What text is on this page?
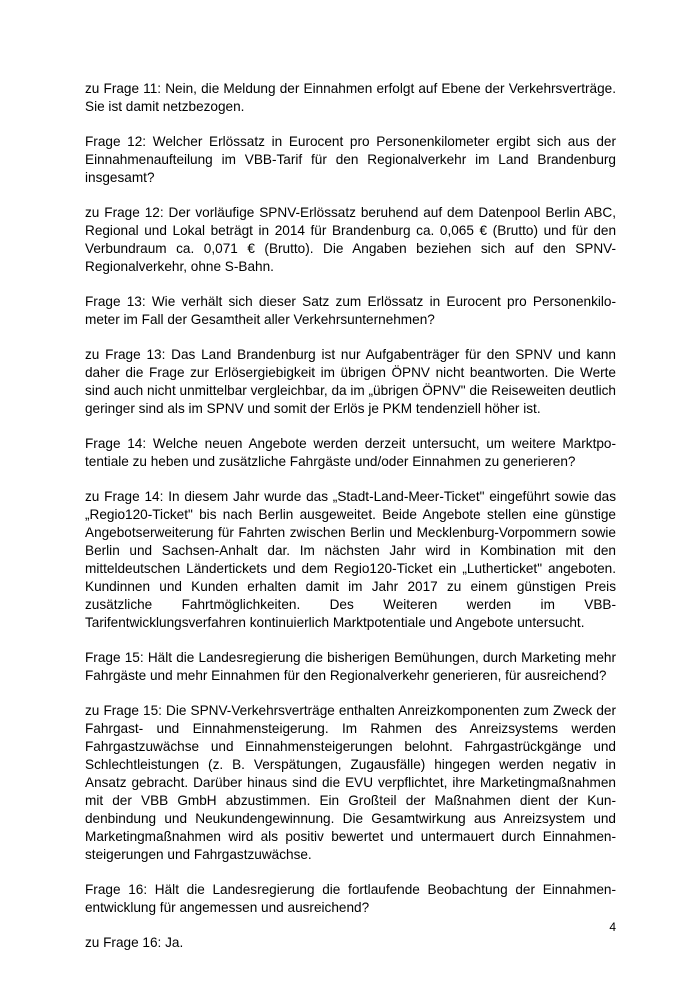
zu Frage 11: Nein, die Meldung der Einnahmen erfolgt auf Ebene der Verkehrsverträge. Sie ist damit netzbezogen.

Frage 12: Welcher Erlössatz in Eurocent pro Personenkilometer ergibt sich aus der Einnahmenaufteilung im VBB-Tarif für den Regionalverkehr im Land Brandenburg insgesamt?

zu Frage 12: Der vorläufige SPNV-Erlössatz beruhend auf dem Datenpool Berlin ABC, Regional und Lokal beträgt in 2014 für Brandenburg ca. 0,065 € (Brutto) und für den Verbundraum ca. 0,071 € (Brutto). Die Angaben beziehen sich auf den SPNV-Regionalverkehr, ohne S-Bahn.

Frage 13: Wie verhält sich dieser Satz zum Erlössatz in Eurocent pro Personenkilometer im Fall der Gesamtheit aller Verkehrsunternehmen?

zu Frage 13: Das Land Brandenburg ist nur Aufgabenträger für den SPNV und kann daher die Frage zur Erlösergiebigkeit im übrigen ÖPNV nicht beantworten. Die Werte sind auch nicht unmittelbar vergleichbar, da im „übrigen ÖPNV" die Reiseweiten deutlich geringer sind als im SPNV und somit der Erlös je PKM tendenziell höher ist.

Frage 14: Welche neuen Angebote werden derzeit untersucht, um weitere Marktpotentiale zu heben und zusätzliche Fahrgäste und/oder Einnahmen zu generieren?

zu Frage 14: In diesem Jahr wurde das „Stadt-Land-Meer-Ticket" eingeführt sowie das „Regio120-Ticket" bis nach Berlin ausgeweitet. Beide Angebote stellen eine günstige Angebotserweiterung für Fahrten zwischen Berlin und Mecklenburg-Vorpommern sowie Berlin und Sachsen-Anhalt dar. Im nächsten Jahr wird in Kombination mit den mitteldeutschen Ländertickets und dem Regio120-Ticket ein „Lutherticket" angeboten. Kundinnen und Kunden erhalten damit im Jahr 2017 zu einem günstigen Preis zusätzliche Fahrtmöglichkeiten. Des Weiteren werden im VBB-Tarifentwicklungsverfahren kontinuierlich Marktpotentiale und Angebote untersucht.

Frage 15: Hält die Landesregierung die bisherigen Bemühungen, durch Marketing mehr Fahrgäste und mehr Einnahmen für den Regionalverkehr generieren, für ausreichend?

zu Frage 15: Die SPNV-Verkehrsverträge enthalten Anreizkomponenten zum Zweck der Fahrgast- und Einnahmensteigerung. Im Rahmen des Anreizsystems werden Fahrgastzuwächse und Einnahmensteigerungen belohnt. Fahrgastrückgänge und Schlechtleistungen (z. B. Verspätungen, Zugausfälle) hingegen werden negativ in Ansatz gebracht. Darüber hinaus sind die EVU verpflichtet, ihre Marketingmaßnahmen mit der VBB GmbH abzustimmen. Ein Großteil der Maßnahmen dient der Kundenbindung und Neukundengewinnung. Die Gesamtwirkung aus Anreizsystem und Marketingmaßnahmen wird als positiv bewertet und untermauert durch Einnahmensteigerungen und Fahrgastzuwächse.

Frage 16: Hält die Landesregierung die fortlaufende Beobachtung der Einnahmenentwicklung für angemessen und ausreichend?

zu Frage 16: Ja.

4
